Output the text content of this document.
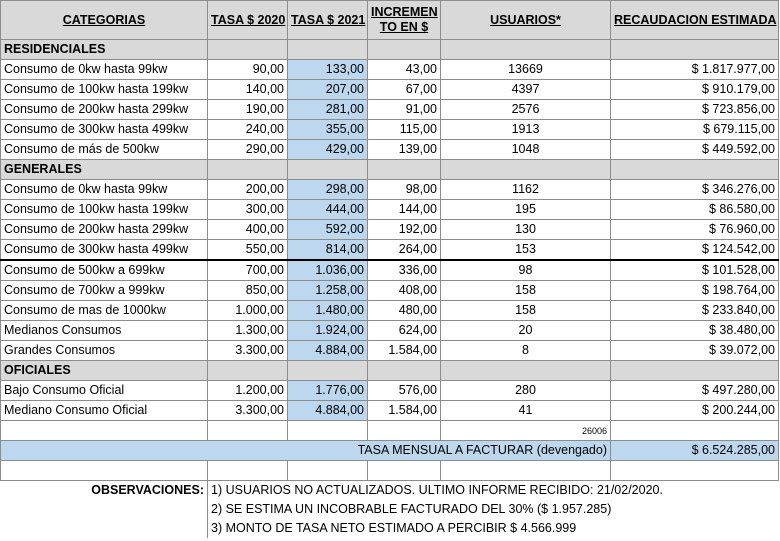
CATEGORIAS	TASA $ 2020	TASA $ 2021	INCREMEN TO EN $	USUARIOS*	RECAUDACION ESTIMADA
RESIDENCIALES					
Consumo de 0kw hasta 99kw	90,00	133,00	43,00	13669	$ 1.817.977,00
Consumo de 100kw hasta 199kw	140,00	207,00	67,00	4397	$ 910.179,00
Consumo de 200kw hasta 299kw	190,00	281,00	91,00	2576	$ 723.856,00
Consumo de 300kw hasta 499kw	240,00	355,00	115,00	1913	$ 679.115,00
Consumo de más de 500kw	290,00	429,00	139,00	1048	$ 449.592,00
GENERALES					
Consumo de 0kw hasta 99kw	200,00	298,00	98,00	1162	$ 346.276,00
Consumo de 100kw hasta 199kw	300,00	444,00	144,00	195	$ 86.580,00
Consumo de 200kw hasta 299kw	400,00	592,00	192,00	130	$ 76.960,00
Consumo de 300kw hasta 499kw	550,00	814,00	264,00	153	$ 124.542,00
Consumo de 500kw a 699kw	700,00	1.036,00	336,00	98	$ 101.528,00
Consumo de 700kw a 999kw	850,00	1.258,00	408,00	158	$ 198.764,00
Consumo de mas de 1000kw	1.000,00	1.480,00	480,00	158	$ 233.840,00
Medianos Consumos	1.300,00	1.924,00	624,00	20	$ 38.480,00
Grandes Consumos	3.300,00	4.884,00	1.584,00	8	$ 39.072,00
OFICIALES					
Bajo Consumo Oficial	1.200,00	1.776,00	576,00	280	$ 497.280,00
Mediano Consumo Oficial	3.300,00	4.884,00	1.584,00	41	$ 200.244,00
				26006	
TASA MENSUAL A FACTURAR (devengado)					$ 6.524.285,00

OBSERVACIONES:	1) USUARIOS NO ACTUALIZADOS. ULTIMO INFORME RECIBIDO: 21/02/2020.				
	2) SE ESTIMA UN INCOBRABLE FACTURADO DEL 30% ($ 1.957.285)				
	3) MONTO DE TASA NETO ESTIMADO A PERCIBIR $ 4.566.999				
